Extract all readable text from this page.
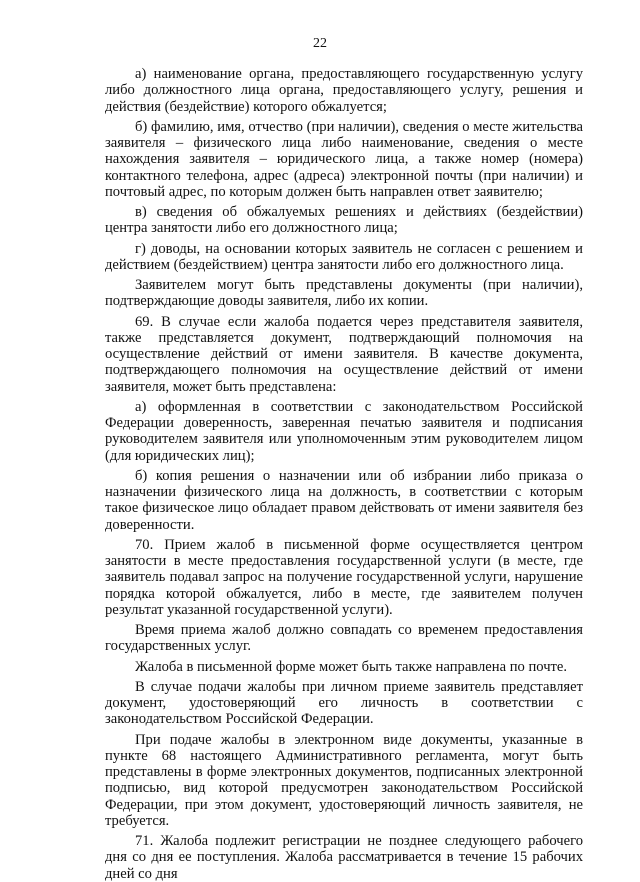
22

а) наименование органа, предоставляющего государственную услугу либо должностного лица органа, предоставляющего услугу, решения и действия (бездействие) которого обжалуется;

б) фамилию, имя, отчество (при наличии), сведения о месте жительства заявителя – физического лица либо наименование, сведения о месте нахождения заявителя – юридического лица, а также номер (номера) контактного телефона, адрес (адреса) электронной почты (при наличии) и почтовый адрес, по которым должен быть направлен ответ заявителю;

в) сведения об обжалуемых решениях и действиях (бездействии) центра занятости либо его должностного лица;

г) доводы, на основании которых заявитель не согласен с решением и действием (бездействием) центра занятости либо его должностного лица.

Заявителем могут быть представлены документы (при наличии), подтверждающие доводы заявителя, либо их копии.

69. В случае если жалоба подается через представителя заявителя, также представляется документ, подтверждающий полномочия на осуществление действий от имени заявителя. В качестве документа, подтверждающего полномочия на осуществление действий от имени заявителя, может быть представлена:

а) оформленная в соответствии с законодательством Российской Федерации доверенность, заверенная печатью заявителя и подписания руководителем заявителя или уполномоченным этим руководителем лицом (для юридических лиц);

б) копия решения о назначении или об избрании либо приказа о назначении физического лица на должность, в соответствии с которым такое физическое лицо обладает правом действовать от имени заявителя без доверенности.

70. Прием жалоб в письменной форме осуществляется центром занятости в месте предоставления государственной услуги (в месте, где заявитель подавал запрос на получение государственной услуги, нарушение порядка которой обжалуется, либо в месте, где заявителем получен результат указанной государственной услуги).

Время приема жалоб должно совпадать со временем предоставления государственных услуг.

Жалоба в письменной форме может быть также направлена по почте.

В случае подачи жалобы при личном приеме заявитель представляет документ, удостоверяющий его личность в соответствии с законодательством Российской Федерации.

При подаче жалобы в электронном виде документы, указанные в пункте 68 настоящего Административного регламента, могут быть представлены в форме электронных документов, подписанных электронной подписью, вид которой предусмотрен законодательством Российской Федерации, при этом документ, удостоверяющий личность заявителя, не требуется.

71. Жалоба подлежит регистрации не позднее следующего рабочего дня со дня ее поступления. Жалоба рассматривается в течение 15 рабочих дней со дня
